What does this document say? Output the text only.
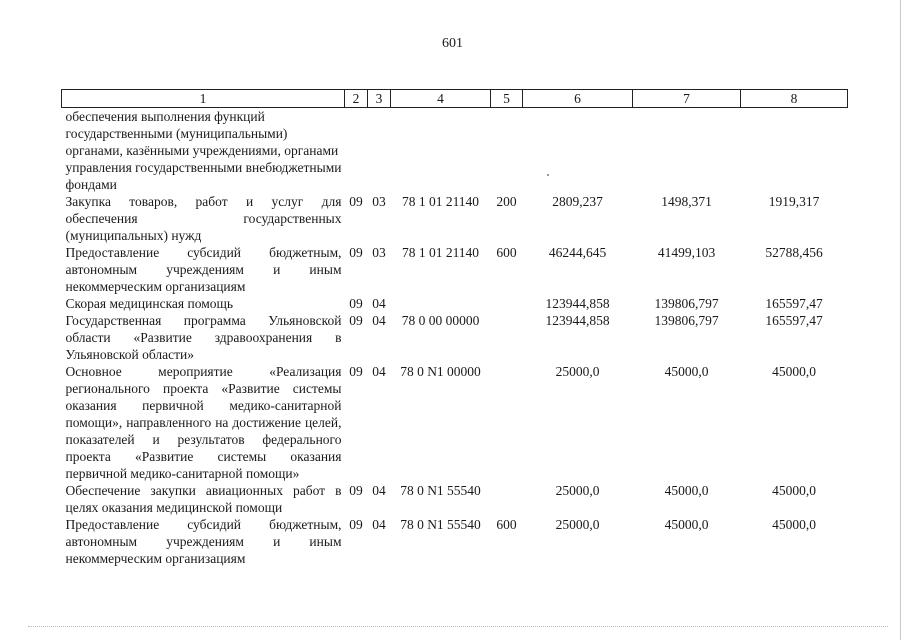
601
1	2	3	4	5	6	7	8
обеспечения выполнения функций государственными (муниципальными) органами, казёнными учреждениями, органами управления государственными внебюджетными фондами							
Закупка товаров, работ и услуг для обеспечения государственных (муниципальных) нужд	09	03	78 1 01 21140	200	2809,237	1498,371	1919,317
Предоставление субсидий бюджетным, автономным учреждениям и иным некоммерческим организациям	09	03	78 1 01 21140	600	46244,645	41499,103	52788,456
Скорая медицинская помощь	09	04			123944,858	139806,797	165597,47
Государственная программа Ульяновской области «Развитие здравоохранения в Ульяновской области»	09	04	78 0 00 00000		123944,858	139806,797	165597,47
Основное мероприятие «Реализация регионального проекта «Развитие системы оказания первичной медико-санитарной помощи», направленного на достижение целей, показателей и результатов федерального проекта «Развитие системы оказания первичной медико-санитарной помощи»	09	04	78 0 N1 00000		25000,0	45000,0	45000,0
Обеспечение закупки авиационных работ в целях оказания медицинской помощи	09	04	78 0 N1 55540		25000,0	45000,0	45000,0
Предоставление субсидий бюджетным, автономным учреждениям и иным некоммерческим организациям	09	04	78 0 N1 55540	600	25000,0	45000,0	45000,0
